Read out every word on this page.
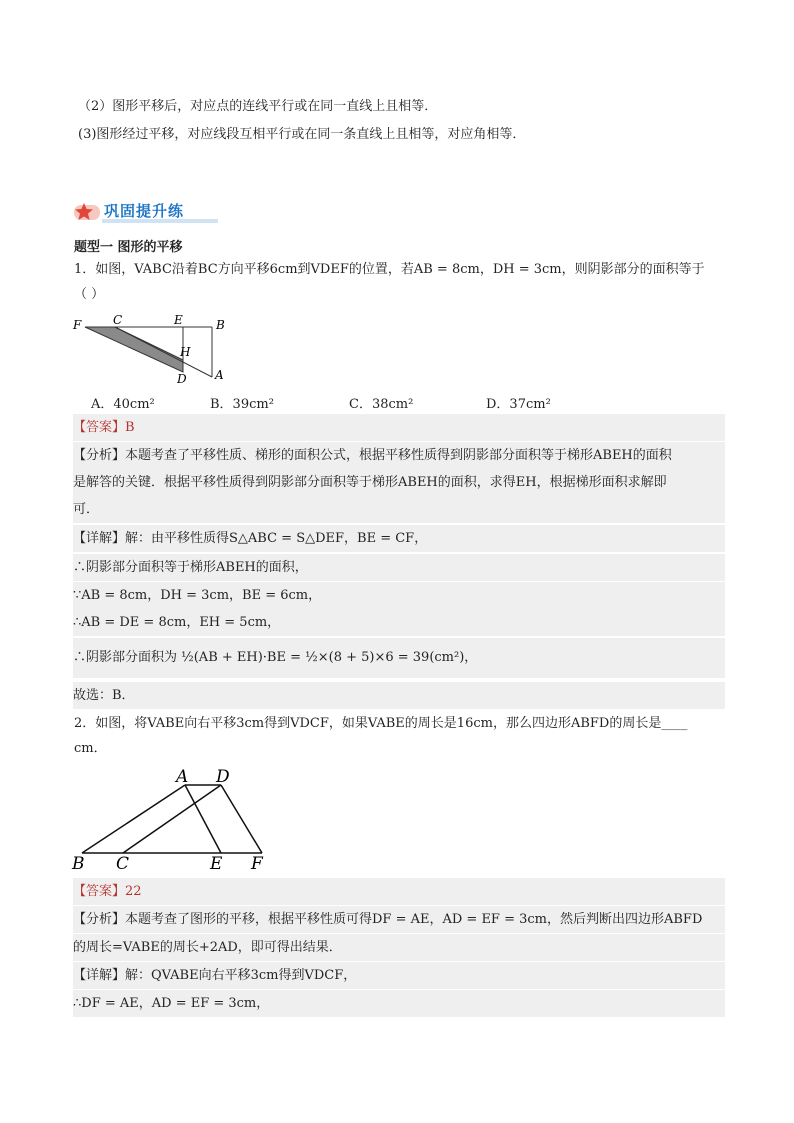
（2）图形平移后，对应点的连线平行或在同一直线上且相等．
(3)图形经过平移，对应线段互相平行或在同一条直线上且相等，对应角相等．
巩固提升练
题型一 图形的平移
1．如图，VABC沿着BC方向平移6cm到VDEF的位置，若AB = 8cm，DH = 3cm，则阴影部分的面积等于
（ ）
F	C	E	B
H
D A
A．40cm²	B．39cm²	C．38cm²	D．37cm²
【答案】B
【分析】本题考查了平移性质、梯形的面积公式，根据平移性质得到阴影部分面积等于梯形ABEH的面积
是解答的关键．根据平移性质得到阴影部分面积等于梯形ABEH的面积，求得EH，根据梯形面积求解即
可．
【详解】解：由平移性质得S△ABC = S△DEF，BE = CF，
∴阴影部分面积等于梯形ABEH的面积，
∵AB = 8cm，DH = 3cm，BE = 6cm，
∴AB = DE = 8cm，EH = 5cm，
∴阴影部分面积为 ½(AB + EH)·BE = ½×(8 + 5)×6 = 39(cm²)，
故选：B．
2．如图，将VABE向右平移3cm得到VDCF，如果VABE的周长是16cm，那么四边形ABFD的周长是____
cm．
A D
B C	E F
【答案】22
【分析】本题考查了图形的平移，根据平移性质可得DF = AE，AD = EF = 3cm，然后判断出四边形ABFD
的周长=VABE的周长+2AD，即可得出结果．
【详解】解：QVABE向右平移3cm得到VDCF，
∴DF = AE，AD = EF = 3cm，
